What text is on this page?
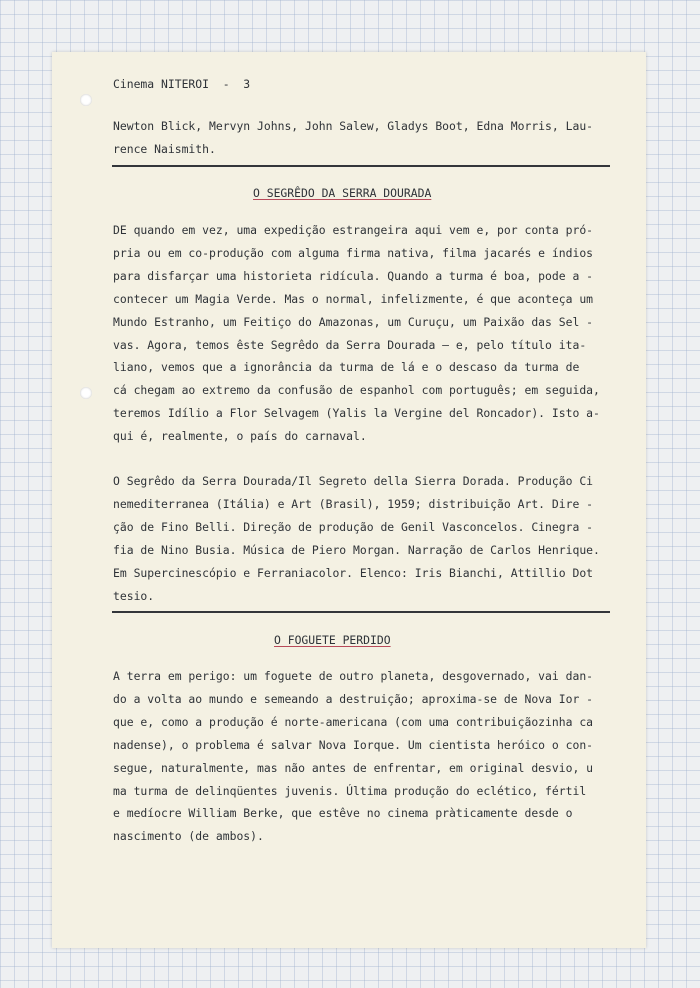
Cinema NITEROI  -  3
Newton Blick, Mervyn Johns, John Salew, Gladys Boot, Edna Morris, Lau-
rence Naismith.
O SEGRÊDO DA SERRA DOURADA
DE quando em vez, uma expedição estrangeira aqui vem e, por conta pró-
pria ou em co-produção com alguma firma nativa, filma jacarés e índios
para disfarçar uma historieta ridícula. Quando a turma é boa, pode a -
contecer um Magia Verde. Mas o normal, infelizmente, é que aconteça um
Mundo Estranho, um Feitiço do Amazonas, um Curuçu, um Paixão das Sel -
vas. Agora, temos êste Segrêdo da Serra Dourada — e, pelo título ita-
liano, vemos que a ignorância da turma de lá e o descaso da turma de
cá chegam ao extremo da confusão de espanhol com português; em seguida,
teremos Idílio a Flor Selvagem (Yalis la Vergine del Roncador). Isto a-
qui é, realmente, o país do carnaval.
O Segrêdo da Serra Dourada/Il Segreto della Sierra Dorada. Produção Ci
nemediterranea (Itália) e Art (Brasil), 1959; distribuição Art. Dire -
ção de Fino Belli. Direção de produção de Genil Vasconcelos. Cinegra -
fia de Nino Busia. Música de Piero Morgan. Narração de Carlos Henrique.
Em Supercinescópio e Ferraniacolor. Elenco: Iris Bianchi, Attillio Dot
tesio.
O FOGUETE PERDIDO
A terra em perigo: um foguete de outro planeta, desgovernado, vai dan-
do a volta ao mundo e semeando a destruição; aproxima-se de Nova Ior -
que e, como a produção é norte-americana (com uma contribuiçãozinha ca
nadense), o problema é salvar Nova Iorque. Um cientista heróico o con-
segue, naturalmente, mas não antes de enfrentar, em original desvio, u
ma turma de delinqüentes juvenis. Última produção do eclético, fértil
e medíocre William Berke, que estêve no cinema pràticamente desde o
nascimento (de ambos).
